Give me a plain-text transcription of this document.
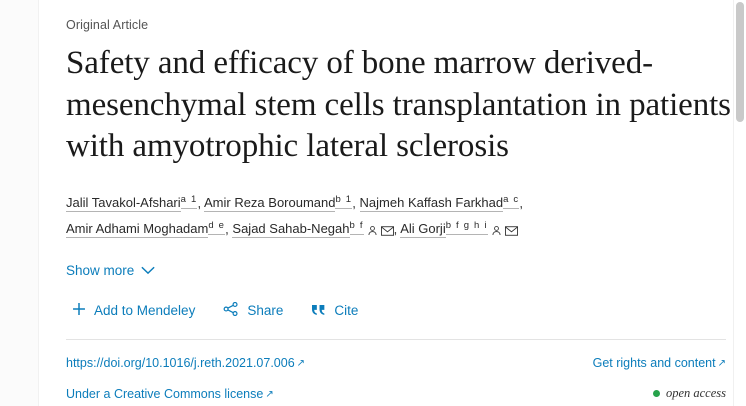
Original Article
Safety and efficacy of bone marrow derived-mesenchymal stem cells transplantation in patients with amyotrophic lateral sclerosis
Jalil Tavakol-Afshari$^{a 1}$, Amir Reza Boroumand$^{b 1}$, Najmeh Kaffash Farkhad$^{a c}$,
Amir Adhami Moghadam$^{d e}$, Sajad Sahab-Negah$^{b f}$ , Ali Gorji$^{b f g h i}$
Show more
Add to Mendeley	Share	Cite
https://doi.org/10.1016/j.reth.2021.07.006 ↗	Get rights and content ↗
Under a Creative Commons license ↗	open access
